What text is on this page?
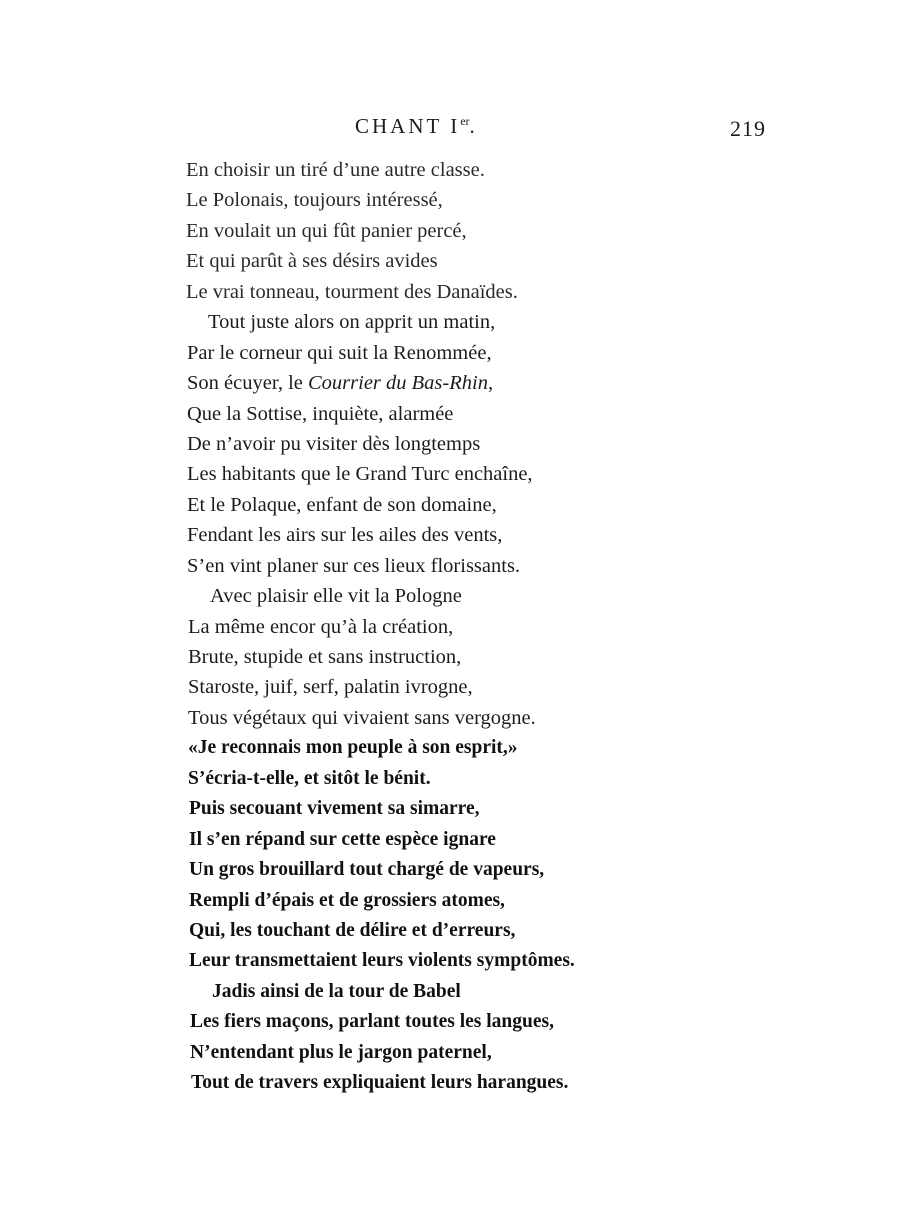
CHANT Ier.	219
En choisir un tiré d’une autre classe.
Le Polonais, toujours intéressé,
En voulait un qui fût panier percé,
Et qui parût à ses désirs avides
Le vrai tonneau, tourment des Danaïdes.
Tout juste alors on apprit un matin,
Par le corneur qui suit la Renommée,
Son écuyer, le Courrier du Bas-Rhin,
Que la Sottise, inquiète, alarmée
De n’avoir pu visiter dès longtemps
Les habitants que le Grand Turc enchaîne,
Et le Polaque, enfant de son domaine,
Fendant les airs sur les ailes des vents,
S’en vint planer sur ces lieux florissants.
Avec plaisir elle vit la Pologne
La même encor qu’à la création,
Brute, stupide et sans instruction,
Staroste, juif, serf, palatin ivrogne,
Tous végétaux qui vivaient sans vergogne.
«Je reconnais mon peuple à son esprit,»
S’écria-t-elle, et sitôt le bénit.
Puis secouant vivement sa simarre,
Il s’en répand sur cette espèce ignare
Un gros brouillard tout chargé de vapeurs,
Rempli d’épais et de grossiers atomes,
Qui, les touchant de délire et d’erreurs,
Leur transmettaient leurs violents symptômes.
Jadis ainsi de la tour de Babel
Les fiers maçons, parlant toutes les langues,
N’entendant plus le jargon paternel,
Tout de travers expliquaient leurs harangues.
